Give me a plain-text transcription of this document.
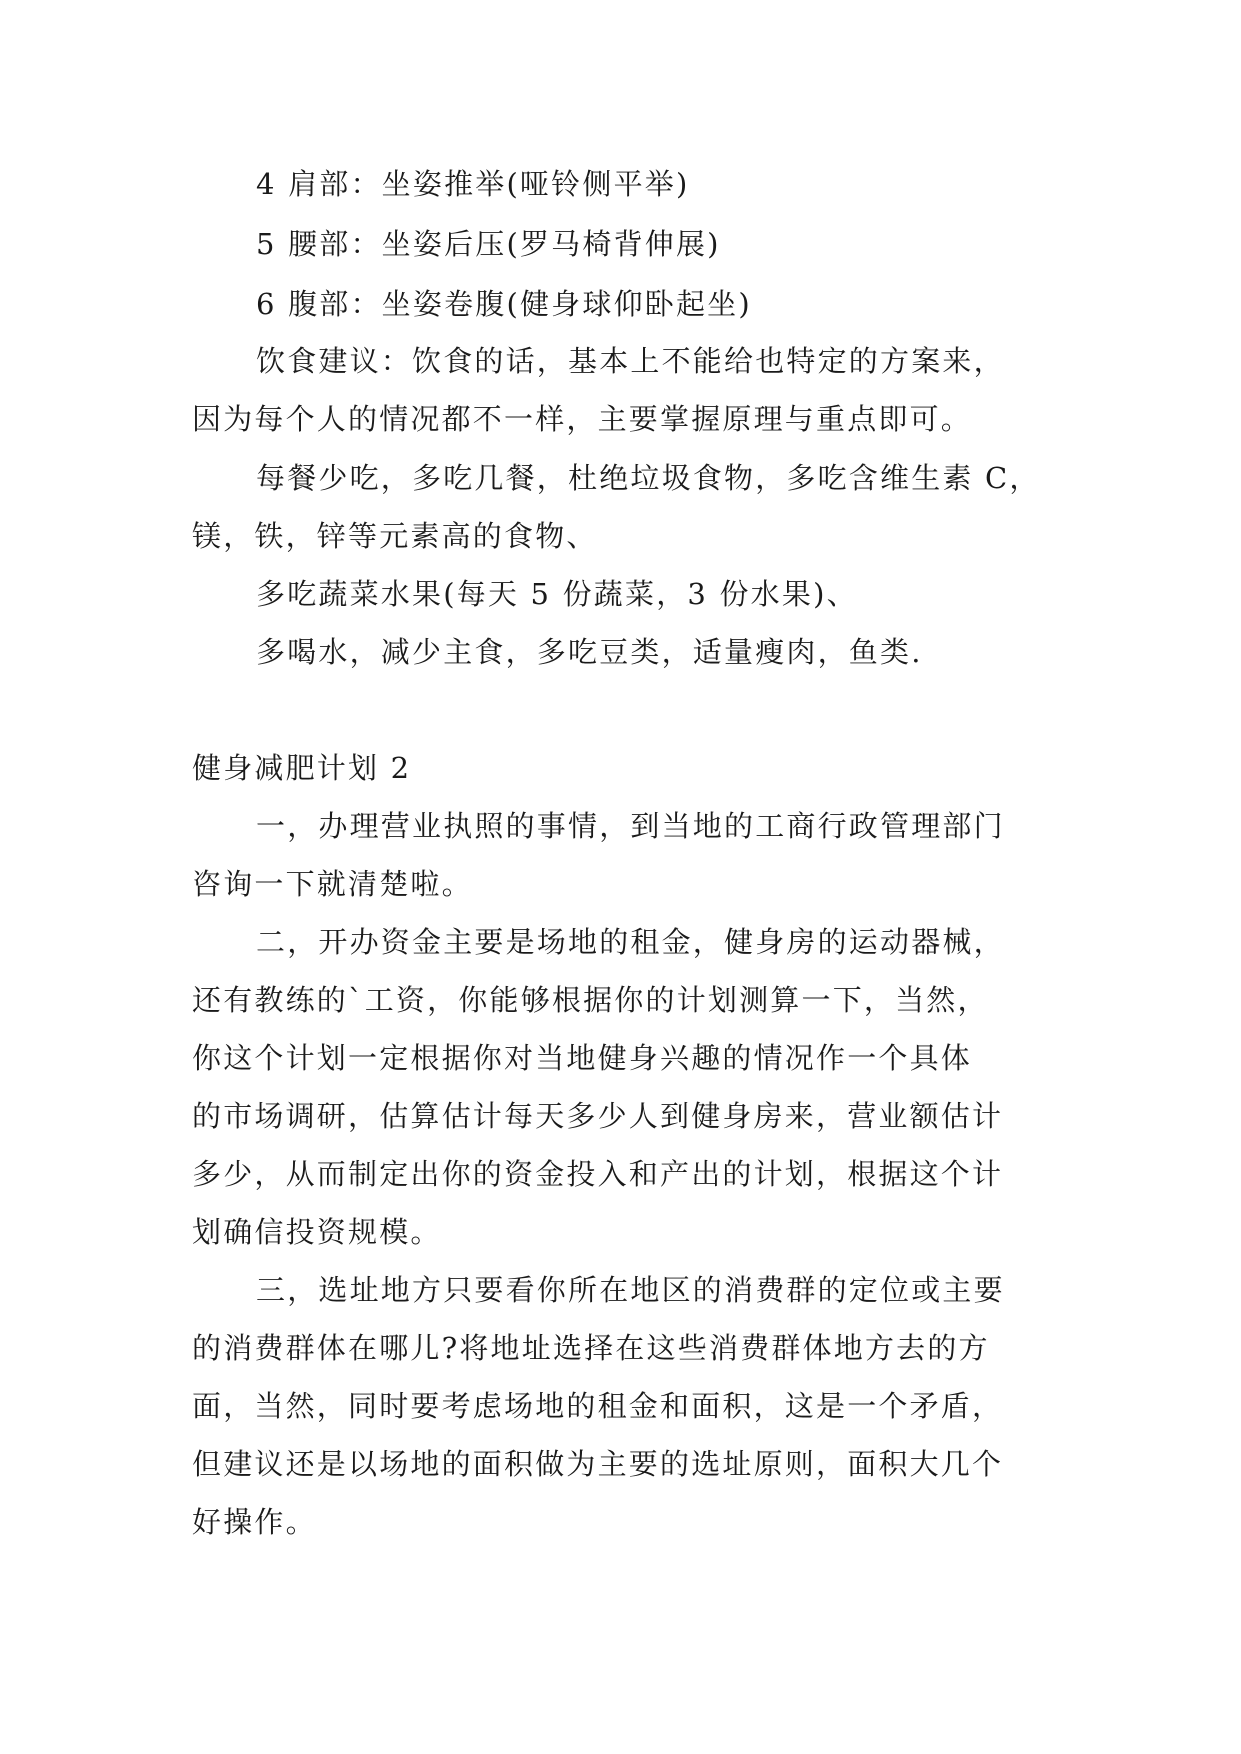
4 肩部：坐姿推举(哑铃侧平举)
5 腰部：坐姿后压(罗马椅背伸展)
6 腹部：坐姿卷腹(健身球仰卧起坐)
饮食建议：饮食的话，基本上不能给也特定的方案来，
因为每个人的情况都不一样，主要掌握原理与重点即可。
每餐少吃，多吃几餐，杜绝垃圾食物，多吃含维生素 C，
镁，铁，锌等元素高的食物、
多吃蔬菜水果(每天 5 份蔬菜，3 份水果)、
多喝水，减少主食，多吃豆类，适量瘦肉，鱼类.
健身减肥计划 2
一，办理营业执照的事情，到当地的工商行政管理部门
咨询一下就清楚啦。
二，开办资金主要是场地的租金，健身房的运动器械，
还有教练的`工资，你能够根据你的计划测算一下，当然，
你这个计划一定根据你对当地健身兴趣的情况作一个具体
的市场调研，估算估计每天多少人到健身房来，营业额估计
多少，从而制定出你的资金投入和产出的计划，根据这个计
划确信投资规模。
三，选址地方只要看你所在地区的消费群的定位或主要
的消费群体在哪儿?将地址选择在这些消费群体地方去的方
面，当然，同时要考虑场地的租金和面积，这是一个矛盾，
但建议还是以场地的面积做为主要的选址原则，面积大几个
好操作。
